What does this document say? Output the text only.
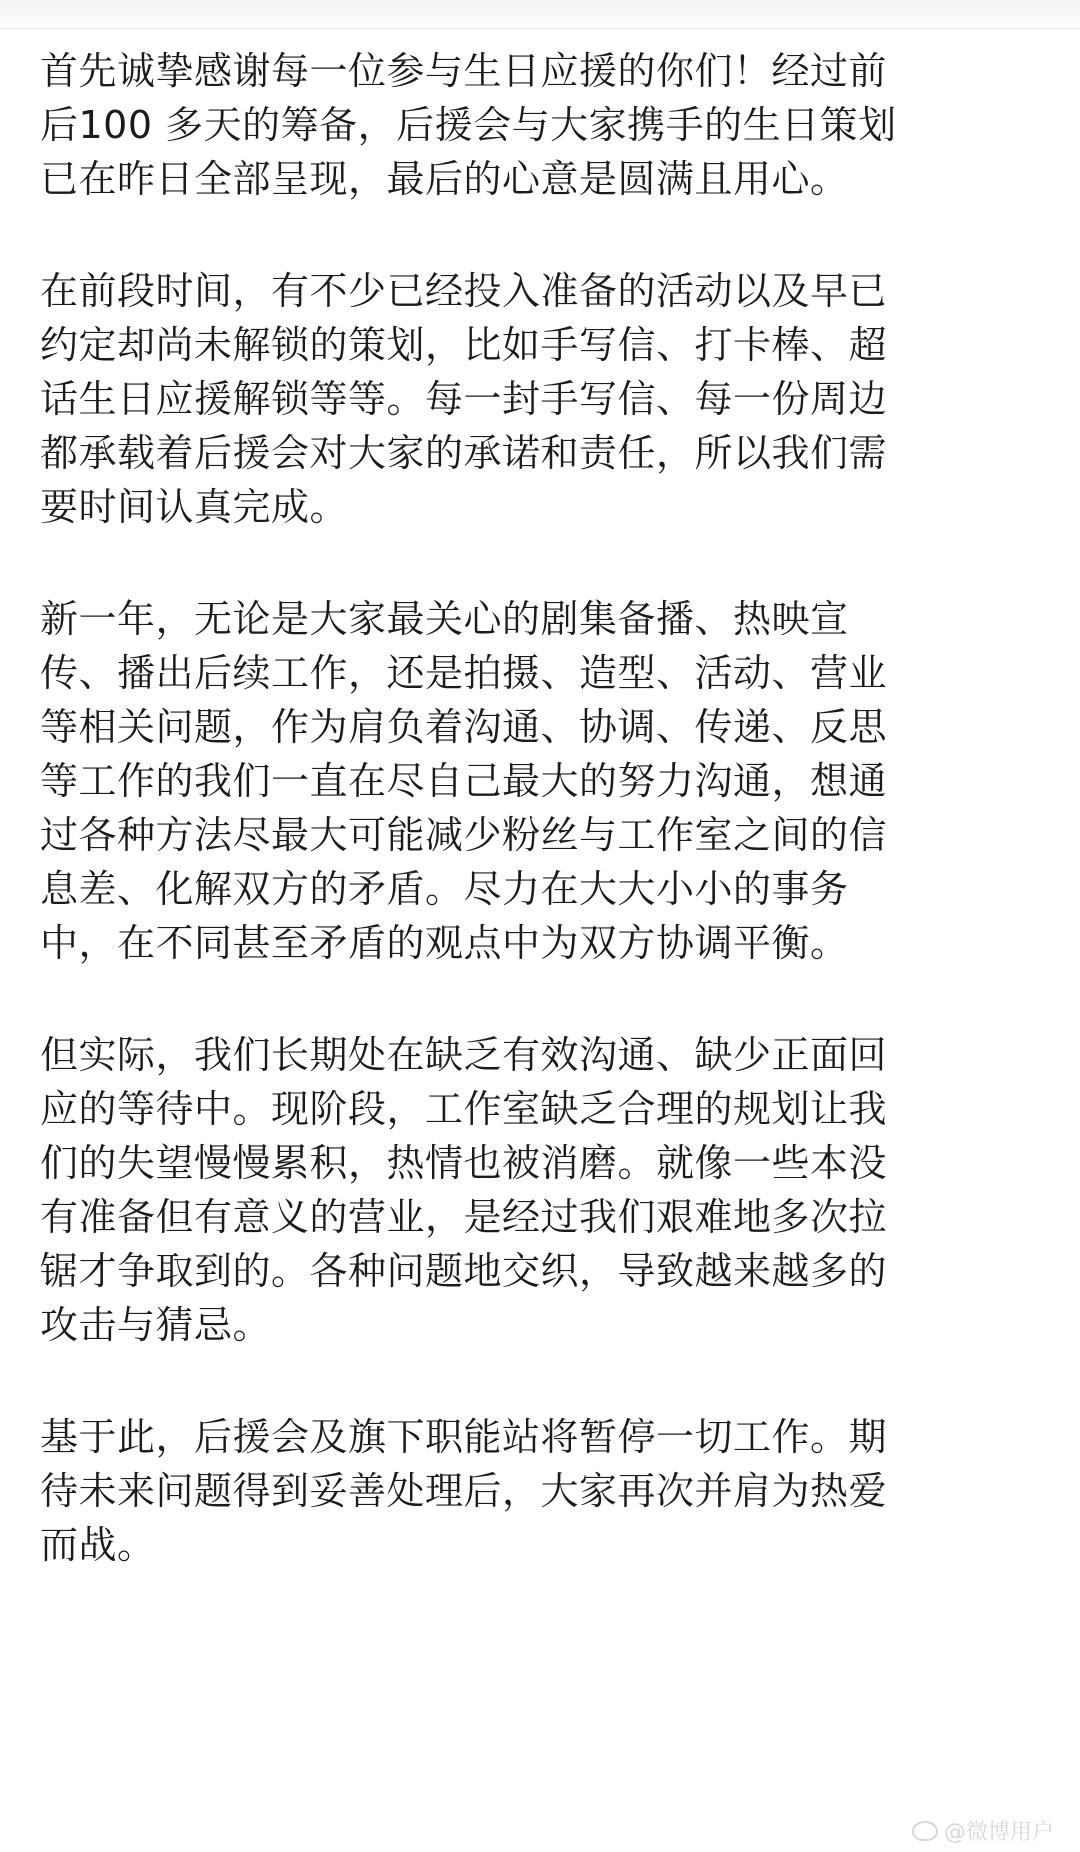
首先诚挚感谢每一位参与生日应援的你们！经过前
后100 多天的筹备，后援会与大家携手的生日策划
已在昨日全部呈现，最后的心意是圆满且用心。
在前段时间，有不少已经投入准备的活动以及早已
约定却尚未解锁的策划，比如手写信、打卡棒、超
话生日应援解锁等等。每一封手写信、每一份周边
都承载着后援会对大家的承诺和责任，所以我们需
要时间认真完成。
新一年，无论是大家最关心的剧集备播、热映宣
传、播出后续工作，还是拍摄、造型、活动、营业
等相关问题，作为肩负着沟通、协调、传递、反思
等工作的我们一直在尽自己最大的努力沟通，想通
过各种方法尽最大可能减少粉丝与工作室之间的信
息差、化解双方的矛盾。尽力在大大小小的事务
中，在不同甚至矛盾的观点中为双方协调平衡。
但实际，我们长期处在缺乏有效沟通、缺少正面回
应的等待中。现阶段，工作室缺乏合理的规划让我
们的失望慢慢累积，热情也被消磨。就像一些本没
有准备但有意义的营业，是经过我们艰难地多次拉
锯才争取到的。各种问题地交织，导致越来越多的
攻击与猜忌。
基于此，后援会及旗下职能站将暂停一切工作。期
待未来问题得到妥善处理后，大家再次并肩为热爱
而战。
@微博用户
